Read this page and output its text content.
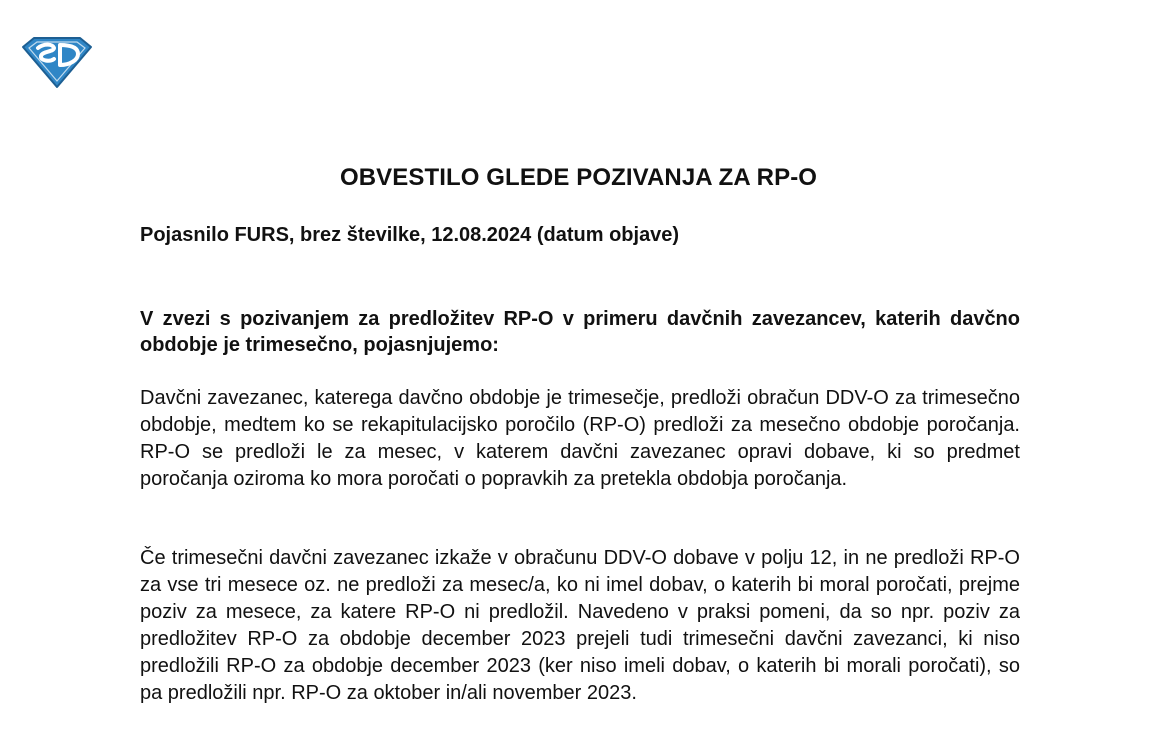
OBVESTILO GLEDE POZIVANJA ZA RP-O
Pojasnilo FURS, brez številke, 12.08.2024 (datum objave)
V zvezi s pozivanjem za predložitev RP-O v primeru davčnih zavezancev, katerih davčno obdobje je trimesečno, pojasnjujemo:
Davčni zavezanec, katerega davčno obdobje je trimesečje, predloži obračun DDV-O za trimesečno obdobje, medtem ko se rekapitulacijsko poročilo (RP-O) predloži za mesečno obdobje poročanja. RP-O se predloži le za mesec, v katerem davčni zavezanec opravi dobave, ki so predmet poročanja oziroma ko mora poročati o popravkih za pretekla obdobja poročanja.
Če trimesečni davčni zavezanec izkaže v obračunu DDV-O dobave v polju 12, in ne predloži RP-O za vse tri mesece oz. ne predloži za mesec/a, ko ni imel dobav, o katerih bi moral poročati, prejme poziv za mesece, za katere RP-O ni predložil. Navedeno v praksi pomeni, da so npr. poziv za predložitev RP-O za obdobje december 2023 prejeli tudi trimesečni davčni zavezanci, ki niso predložili RP-O za obdobje december 2023 (ker niso imeli dobav, o katerih bi morali poročati), so pa predložili npr. RP-O za oktober in/ali november 2023.
